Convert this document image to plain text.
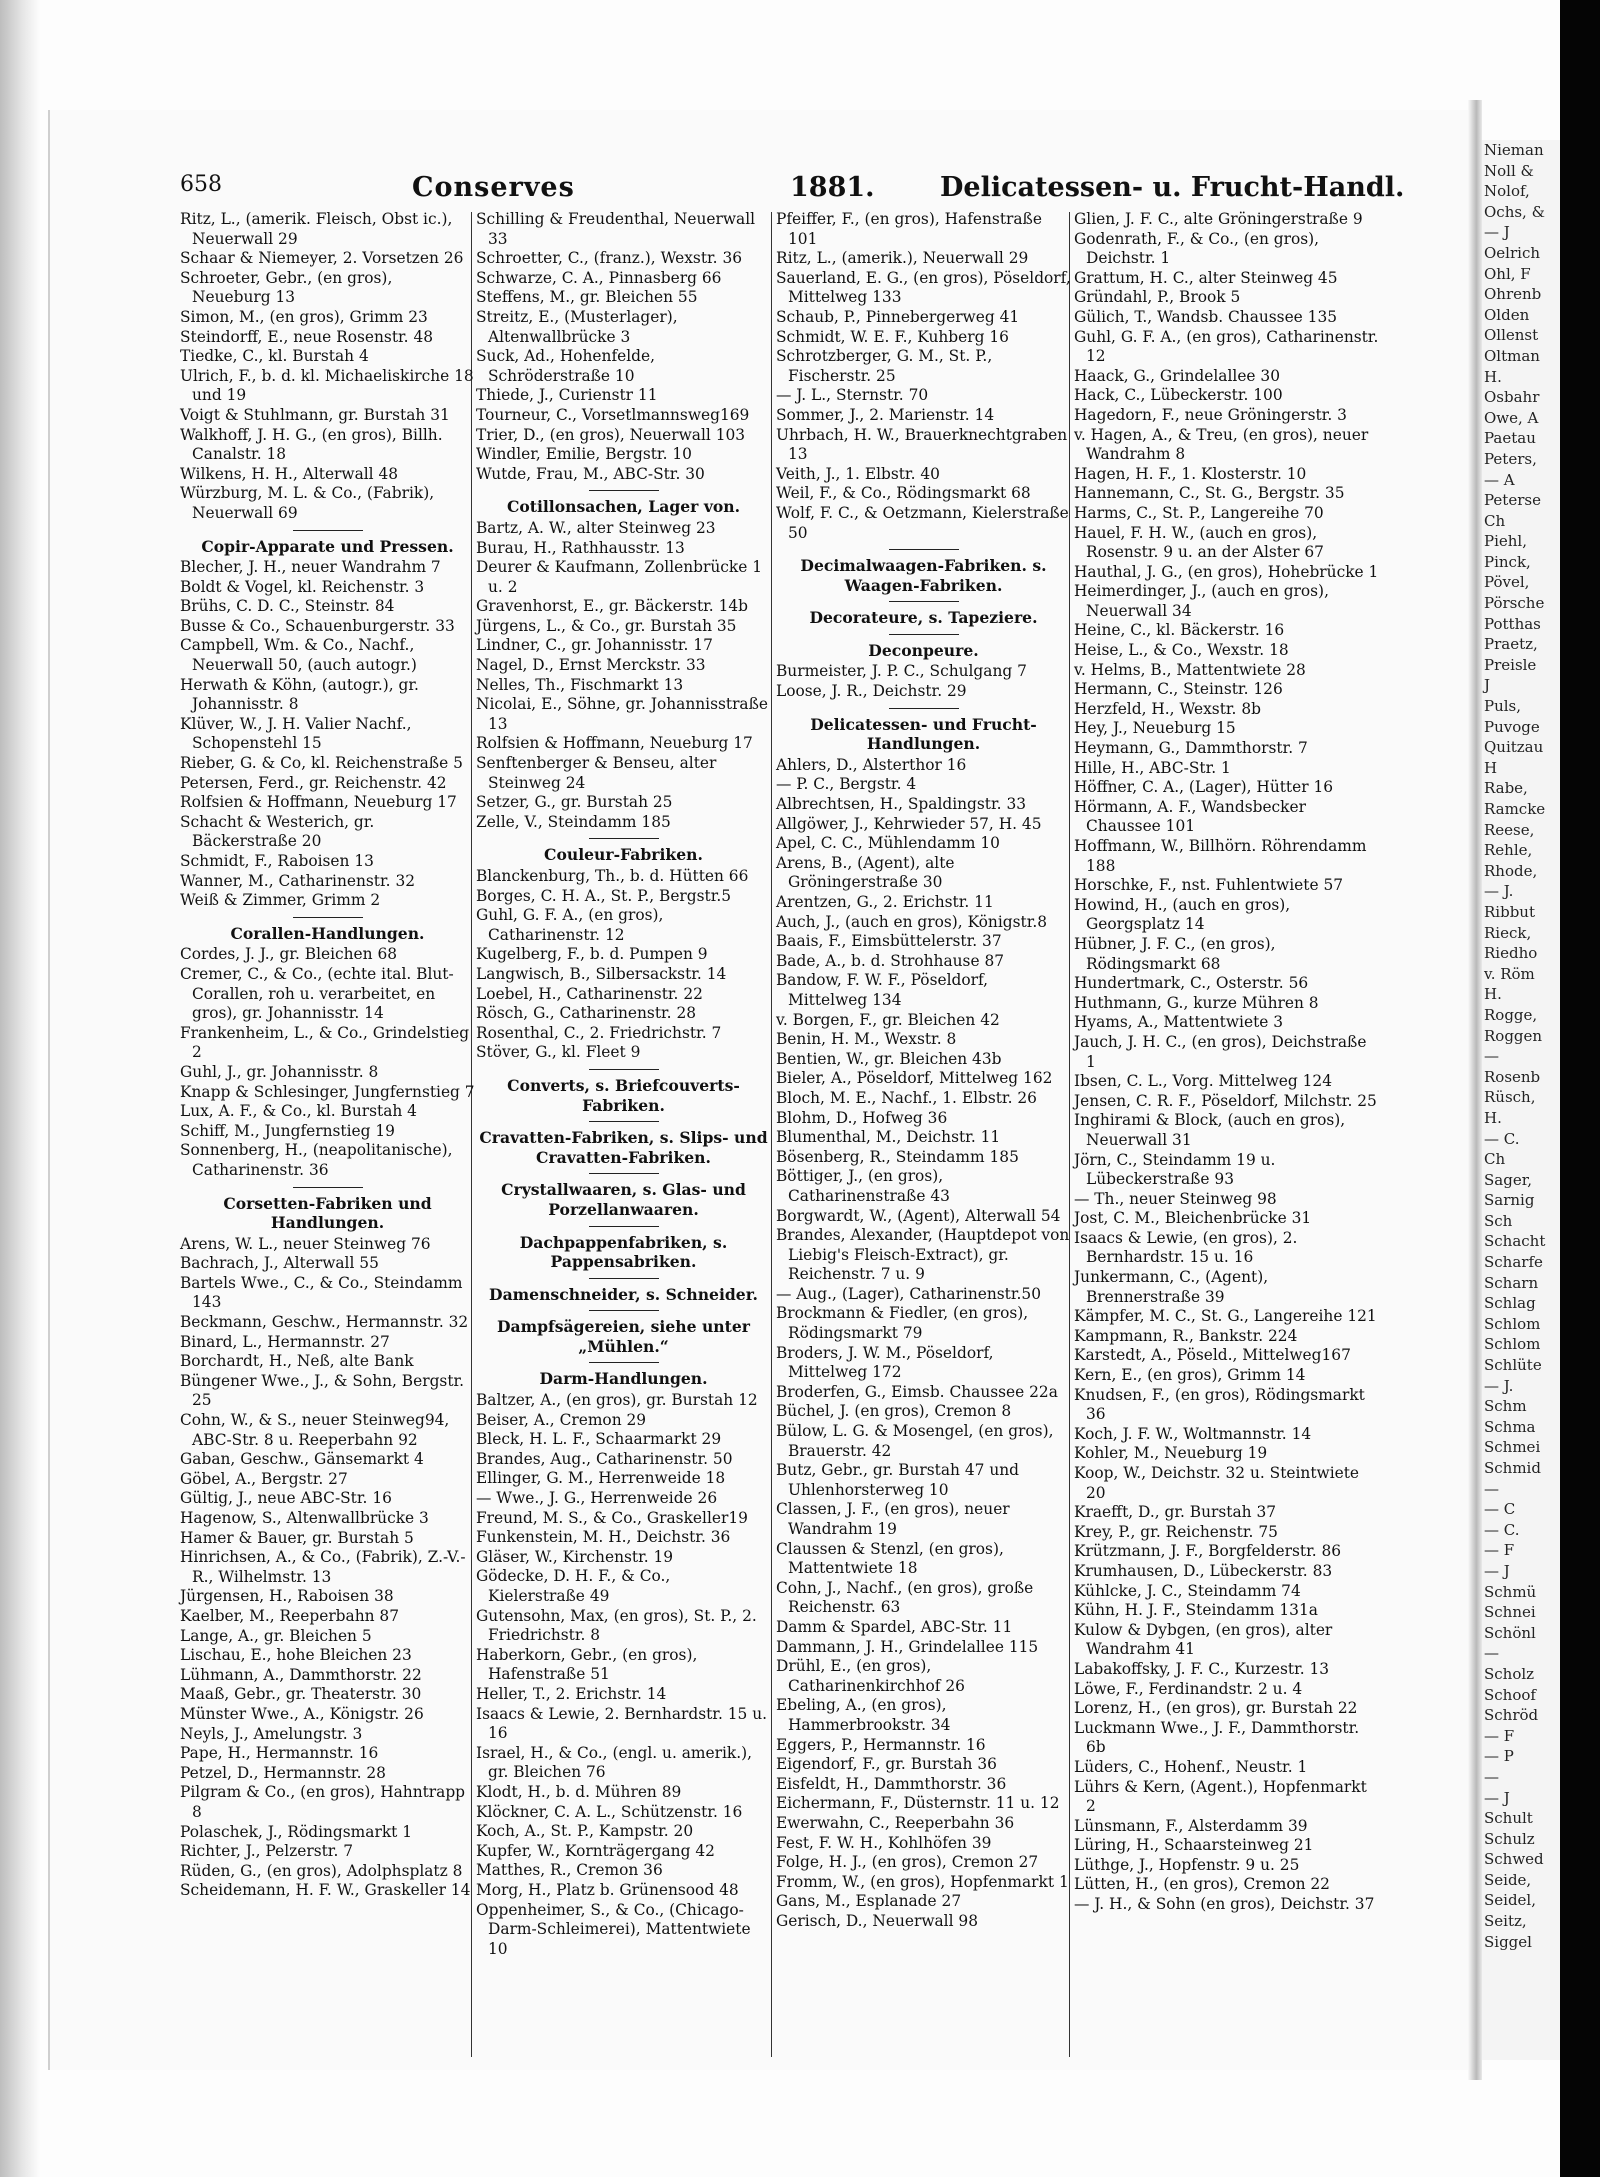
Nieman
Noll &
Nolof,
Ochs, &
— J
Oelrich
Ohl, F
Ohrenb
Olden
Ollenst
Oltman
H.
Osbahr
Owe, A
Paetau
Peters,
— A
Peterse
Ch
Piehl,
Pinck,
Pövel,
Pörsche
Potthas
Praetz,
Preisle
J
Puls,
Puvoge
Quitzau
H
Rabe,
Ramcke
Reese,
Rehle,
Rhode,
— J.
Ribbut
Rieck,
Riedho
v. Röm
H.
Rogge,
Roggen
—
Rosenb
Rüsch,
H.
— C.
Ch
Sager,
Sarnig
Sch
Schacht
Scharfe
Scharn
Schlag
Schlom
Schlom
Schlüte
— J.
Schm
Schma
Schmei
Schmid
—
— C
— C.
— F
— J
Schmü
Schnei
Schönl
—
Scholz
Schoof
Schröd
— F
— P
—
— J
Schult
Schulz
Schwed
Seide,
Seidel,
Seitz,
Siggel
658	Conserves	1881. Delicatessen- u. Frucht-Handl.

Ritz, L., (amerik. Fleisch, Obst ic.), Neuerwall 29

Schaar & Niemeyer, 2. Vorsetzen 26

Schroeter, Gebr., (en gros), Neueburg 13

Simon, M., (en gros), Grimm 23

Steindorff, E., neue Rosenstr. 48

Tiedke, C., kl. Burstah 4

Ulrich, F., b. d. kl. Michaeliskirche 18 und 19

Voigt & Stuhlmann, gr. Burstah 31

Walkhoff, J. H. G., (en gros), Billh. Canalstr. 18

Wilkens, H. H., Alterwall 48

Würzburg, M. L. & Co., (Fabrik), Neuerwall 69

Copir-Apparate und Pressen.

Blecher, J. H., neuer Wandrahm 7

Boldt & Vogel, kl. Reichenstr. 3

Brühs, C. D. C., Steinstr. 84

Busse & Co., Schauenburgerstr. 33

Campbell, Wm. & Co., Nachf., Neuerwall 50, (auch autogr.)

Herwath & Köhn, (autogr.), gr. Johannisstr. 8

Klüver, W., J. H. Valier Nachf., Schopenstehl 15

Rieber, G. & Co, kl. Reichenstraße 5

Petersen, Ferd., gr. Reichenstr. 42

Rolfsien & Hoffmann, Neueburg 17

Schacht & Westerich, gr. Bäckerstraße 20

Schmidt, F., Raboisen 13

Wanner, M., Catharinenstr. 32

Weiß & Zimmer, Grimm 2

Corallen-Handlungen.

Cordes, J. J., gr. Bleichen 68

Cremer, C., & Co., (echte ital. Blut-Corallen, roh u. verarbeitet, en gros), gr. Johannisstr. 14

Frankenheim, L., & Co., Grindelstieg 2

Guhl, J., gr. Johannisstr. 8

Knapp & Schlesinger, Jungfernstieg 7

Lux, A. F., & Co., kl. Burstah 4

Schiff, M., Jungfernstieg 19

Sonnenberg, H., (neapolitanische), Catharinenstr. 36

Corsetten-Fabriken und Handlungen.

Arens, W. L., neuer Steinweg 76

Bachrach, J., Alterwall 55

Bartels Wwe., C., & Co., Steindamm 143

Beckmann, Geschw., Hermannstr. 32

Binard, L., Hermannstr. 27

Borchardt, H., Neß, alte Bank

Büngener Wwe., J., & Sohn, Bergstr. 25

Cohn, W., & S., neuer Steinweg94, ABC-Str. 8 u. Reeperbahn 92

Gaban, Geschw., Gänsemarkt 4

Göbel, A., Bergstr. 27

Gültig, J., neue ABC-Str. 16

Hagenow, S., Altenwallbrücke 3

Hamer & Bauer, gr. Burstah 5

Hinrichsen, A., & Co., (Fabrik), Z.-V.-R., Wilhelmstr. 13

Jürgensen, H., Raboisen 38

Kaelber, M., Reeperbahn 87

Lange, A., gr. Bleichen 5

Lischau, E., hohe Bleichen 23

Lühmann, A., Dammthorstr. 22

Maaß, Gebr., gr. Theaterstr. 30

Münster Wwe., A., Königstr. 26

Neyls, J., Amelungstr. 3

Pape, H., Hermannstr. 16

Petzel, D., Hermannstr. 28

Pilgram & Co., (en gros), Hahntrapp 8

Polaschek, J., Rödingsmarkt 1

Richter, J., Pelzerstr. 7

Rüden, G., (en gros), Adolphsplatz 8

Scheidemann, H. F. W., Graskeller 14

Schilling & Freudenthal, Neuerwall 33

Schroetter, C., (franz.), Wexstr. 36

Schwarze, C. A., Pinnasberg 66

Steffens, M., gr. Bleichen 55

Streitz, E., (Musterlager), Altenwallbrücke 3

Suck, Ad., Hohenfelde, Schröderstraße 10

Thiede, J., Curienstr 11

Tourneur, C., Vorsetlmannsweg169

Trier, D., (en gros), Neuerwall 103

Windler, Emilie, Bergstr. 10

Wutde, Frau, M., ABC-Str. 30

Cotillonsachen, Lager von.

Bartz, A. W., alter Steinweg 23

Burau, H., Rathhausstr. 13

Deurer & Kaufmann, Zollenbrücke 1 u. 2

Gravenhorst, E., gr. Bäckerstr. 14b

Jürgens, L., & Co., gr. Burstah 35

Lindner, C., gr. Johannisstr. 17

Nagel, D., Ernst Merckstr. 33

Nelles, Th., Fischmarkt 13

Nicolai, E., Söhne, gr. Johannisstraße 13

Rolfsien & Hoffmann, Neueburg 17

Senftenberger & Benseu, alter Steinweg 24

Setzer, G., gr. Burstah 25

Zelle, V., Steindamm 185

Couleur-Fabriken.

Blanckenburg, Th., b. d. Hütten 66

Borges, C. H. A., St. P., Bergstr.5

Guhl, G. F. A., (en gros), Catharinenstr. 12

Kugelberg, F., b. d. Pumpen 9

Langwisch, B., Silbersackstr. 14

Loebel, H., Catharinenstr. 22

Rösch, G., Catharinenstr. 28

Rosenthal, C., 2. Friedrichstr. 7

Stöver, G., kl. Fleet 9

Converts, s. Briefcouverts-Fabriken.
Cravatten-Fabriken, s. Slips- und Cravatten-Fabriken.
Crystallwaaren, s. Glas- und Porzellanwaaren.
Dachpappenfabriken, s. Pappensabriken.
Damenschneider, s. Schneider.
Dampfsägereien, siehe unter „Mühlen.“
Darm-Handlungen.

Baltzer, A., (en gros), gr. Burstah 12

Beiser, A., Cremon 29

Bleck, H. L. F., Schaarmarkt 29

Brandes, Aug., Catharinenstr. 50

Ellinger, G. M., Herrenweide 18

— Wwe., J. G., Herrenweide 26

Freund, M. S., & Co., Graskeller19

Funkenstein, M. H., Deichstr. 36

Gläser, W., Kirchenstr. 19

Gödecke, D. H. F., & Co., Kielerstraße 49

Gutensohn, Max, (en gros), St. P., 2. Friedrichstr. 8

Haberkorn, Gebr., (en gros), Hafenstraße 51

Heller, T., 2. Erichstr. 14

Isaacs & Lewie, 2. Bernhardstr. 15 u. 16

Israel, H., & Co., (engl. u. amerik.), gr. Bleichen 76

Klodt, H., b. d. Mühren 89

Klöckner, C. A. L., Schützenstr. 16

Koch, A., St. P., Kampstr. 20

Kupfer, W., Kornträgergang 42

Matthes, R., Cremon 36

Morg, H., Platz b. Grünensood 48

Oppenheimer, S., & Co., (Chicago-Darm-Schleimerei), Mattentwiete 10

Pfeiffer, F., (en gros), Hafenstraße 101

Ritz, L., (amerik.), Neuerwall 29

Sauerland, E. G., (en gros), Pöseldorf, Mittelweg 133

Schaub, P., Pinnebergerweg 41

Schmidt, W. E. F., Kuhberg 16

Schrotzberger, G. M., St. P., Fischerstr. 25

— J. L., Sternstr. 70

Sommer, J., 2. Marienstr. 14

Uhrbach, H. W., Brauerknechtgraben 13

Veith, J., 1. Elbstr. 40

Weil, F., & Co., Rödingsmarkt 68

Wolf, F. C., & Oetzmann, Kielerstraße 50

Decimalwaagen-Fabriken. s. Waagen-Fabriken.
Decorateure, s. Tapeziere.
Deconpeure.

Burmeister, J. P. C., Schulgang 7

Loose, J. R., Deichstr. 29

Delicatessen- und Frucht-Handlungen.

Ahlers, D., Alsterthor 16

— P. C., Bergstr. 4

Albrechtsen, H., Spaldingstr. 33

Allgöwer, J., Kehrwieder 57, H. 45

Apel, C. C., Mühlendamm 10

Arens, B., (Agent), alte Gröningerstraße 30

Arentzen, G., 2. Erichstr. 11

Auch, J., (auch en gros), Königstr.8

Baais, F., Eimsbüttelerstr. 37

Bade, A., b. d. Strohhause 87

Bandow, F. W. F., Pöseldorf, Mittelweg 134

v. Borgen, F., gr. Bleichen 42

Benin, H. M., Wexstr. 8

Bentien, W., gr. Bleichen 43b

Bieler, A., Pöseldorf, Mittelweg 162

Bloch, M. E., Nachf., 1. Elbstr. 26

Blohm, D., Hofweg 36

Blumenthal, M., Deichstr. 11

Bösenberg, R., Steindamm 185

Böttiger, J., (en gros), Catharinenstraße 43

Borgwardt, W., (Agent), Alterwall 54

Brandes, Alexander, (Hauptdepot von Liebig's Fleisch-Extract), gr. Reichenstr. 7 u. 9

— Aug., (Lager), Catharinenstr.50

Brockmann & Fiedler, (en gros), Rödingsmarkt 79

Broders, J. W. M., Pöseldorf, Mittelweg 172

Broderfen, G., Eimsb. Chaussee 22a

Büchel, J. (en gros), Cremon 8

Bülow, L. G. & Mosengel, (en gros), Brauerstr. 42

Butz, Gebr., gr. Burstah 47 und Uhlenhorsterweg 10

Classen, J. F., (en gros), neuer Wandrahm 19

Claussen & Stenzl, (en gros), Mattentwiete 18

Cohn, J., Nachf., (en gros), große Reichenstr. 63

Damm & Spardel, ABC-Str. 11

Dammann, J. H., Grindelallee 115

Drühl, E., (en gros), Catharinenkirchhof 26

Ebeling, A., (en gros), Hammerbrookstr. 34

Eggers, P., Hermannstr. 16

Eigendorf, F., gr. Burstah 36

Eisfeldt, H., Dammthorstr. 36

Eichermann, F., Düsternstr. 11 u. 12

Ewerwahn, C., Reeperbahn 36

Fest, F. W. H., Kohlhöfen 39

Folge, H. J., (en gros), Cremon 27

Fromm, W., (en gros), Hopfenmarkt 1

Gans, M., Esplanade 27

Gerisch, D., Neuerwall 98

Glien, J. F. C., alte Gröningerstraße 9

Godenrath, F., & Co., (en gros), Deichstr. 1

Grattum, H. C., alter Steinweg 45

Gründahl, P., Brook 5

Gülich, T., Wandsb. Chaussee 135

Guhl, G. F. A., (en gros), Catharinenstr. 12

Haack, G., Grindelallee 30

Hack, C., Lübeckerstr. 100

Hagedorn, F., neue Gröningerstr. 3

v. Hagen, A., & Treu, (en gros), neuer Wandrahm 8

Hagen, H. F., 1. Klosterstr. 10

Hannemann, C., St. G., Bergstr. 35

Harms, C., St. P., Langereihe 70

Hauel, F. H. W., (auch en gros), Rosenstr. 9 u. an der Alster 67

Hauthal, J. G., (en gros), Hohebrücke 1

Heimerdinger, J., (auch en gros), Neuerwall 34

Heine, C., kl. Bäckerstr. 16

Heise, L., & Co., Wexstr. 18

v. Helms, B., Mattentwiete 28

Hermann, C., Steinstr. 126

Herzfeld, H., Wexstr. 8b

Hey, J., Neueburg 15

Heymann, G., Dammthorstr. 7

Hille, H., ABC-Str. 1

Höffner, C. A., (Lager), Hütter 16

Hörmann, A. F., Wandsbecker Chaussee 101

Hoffmann, W., Billhörn. Röhrendamm 188

Horschke, F., nst. Fuhlentwiete 57

Howind, H., (auch en gros), Georgsplatz 14

Hübner, J. F. C., (en gros), Rödingsmarkt 68

Hundertmark, C., Osterstr. 56

Huthmann, G., kurze Mühren 8

Hyams, A., Mattentwiete 3

Jauch, J. H. C., (en gros), Deichstraße 1

Ibsen, C. L., Vorg. Mittelweg 124

Jensen, C. R. F., Pöseldorf, Milchstr. 25

Inghirami & Block, (auch en gros), Neuerwall 31

Jörn, C., Steindamm 19 u. Lübeckerstraße 93

— Th., neuer Steinweg 98

Jost, C. M., Bleichenbrücke 31

Isaacs & Lewie, (en gros), 2. Bernhardstr. 15 u. 16

Junkermann, C., (Agent), Brennerstraße 39

Kämpfer, M. C., St. G., Langereihe 121

Kampmann, R., Bankstr. 224

Karstedt, A., Pöseld., Mittelweg167

Kern, E., (en gros), Grimm 14

Knudsen, F., (en gros), Rödingsmarkt 36

Koch, J. F. W., Woltmannstr. 14

Kohler, M., Neueburg 19

Koop, W., Deichstr. 32 u. Steintwiete 20

Kraefft, D., gr. Burstah 37

Krey, P., gr. Reichenstr. 75

Krützmann, J. F., Borgfelderstr. 86

Krumhausen, D., Lübeckerstr. 83

Kühlcke, J. C., Steindamm 74

Kühn, H. J. F., Steindamm 131a

Kulow & Dybgen, (en gros), alter Wandrahm 41

Labakoffsky, J. F. C., Kurzestr. 13

Löwe, F., Ferdinandstr. 2 u. 4

Lorenz, H., (en gros), gr. Burstah 22

Luckmann Wwe., J. F., Dammthorstr. 6b

Lüders, C., Hohenf., Neustr. 1

Lührs & Kern, (Agent.), Hopfenmarkt 2

Lünsmann, F., Alsterdamm 39

Lüring, H., Schaarsteinweg 21

Lüthge, J., Hopfenstr. 9 u. 25

Lütten, H., (en gros), Cremon 22

— J. H., & Sohn (en gros), Deichstr. 37
